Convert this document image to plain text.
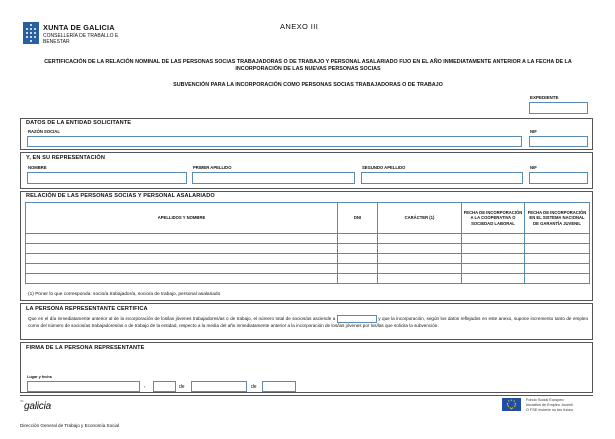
XUNTA DE GALICIA
CONSELLERÍA DE TRABALLO E BENESTAR
ANEXO III
CERTIFICACIÓN DE LA RELACIÓN NOMINAL DE LAS PERSONAS SOCIAS TRABAJADORAS O DE TRABAJO Y PERSONAL ASALARIADO FIJO EN EL AÑO INMEDIATAMENTE ANTERIOR A LA FECHA DE LA INCORPORACIÓN DE LAS NUEVAS PERSONAS SOCIAS
SUBVENCIÓN PARA LA INCORPORACIÓN COMO PERSONAS SOCIAS TRABAJADORAS O DE TRABAJO
EXPEDIENTE
DATOS DE LA ENTIDAD SOLICITANTE
RAZÓN SOCIAL	NIF
Y, EN SU REPRESENTACIÓN
NOMBRE	PRIMER APELLIDO	SEGUNDO APELLIDO	NIF
RELACIÓN DE LAS PERSONAS SOCIAS Y PERSONAL ASALARIADO
APELLIDOS Y NOMBRE	DNI	CARÁCTER (1)	FECHA DE INCORPORACIÓN A LA COOPERATIVA O SOCIEDAD LABORAL	FECHA DE INCORPORACIÓN EN EL SISTEMA NACIONAL DE GARANTÍA JUVENIL

(1) Poner lo que corresponda: socio/a trabajador/a, socio/a de trabajo, personal asalariado
LA PERSONA REPRESENTANTE CERTIFICA
Que en el día inmediatamente anterior al de la incorporación de los/las jóvenes trabajadores/as o de trabajo, el número total de socios/as asciende a	y que la incorporación, según los datos reflejados en este anexo, supone incremento tanto de empleo como del número de socios/as trabajadores/as o de trabajo de la entidad, respecto a la media del año inmediatamente anterior a la incorporación de los/las jóvenes por los/las que solicita la subvención.
FIRMA DE LA PERSONA REPRESENTANTE
Lugar y fecha
,	de	de
~ galicia
Fondo Social Europeo
Iniciativa de Empleo Juvenil
O FSE invierte no teu futuro
Dirección General de Trabajo y Economía Social
